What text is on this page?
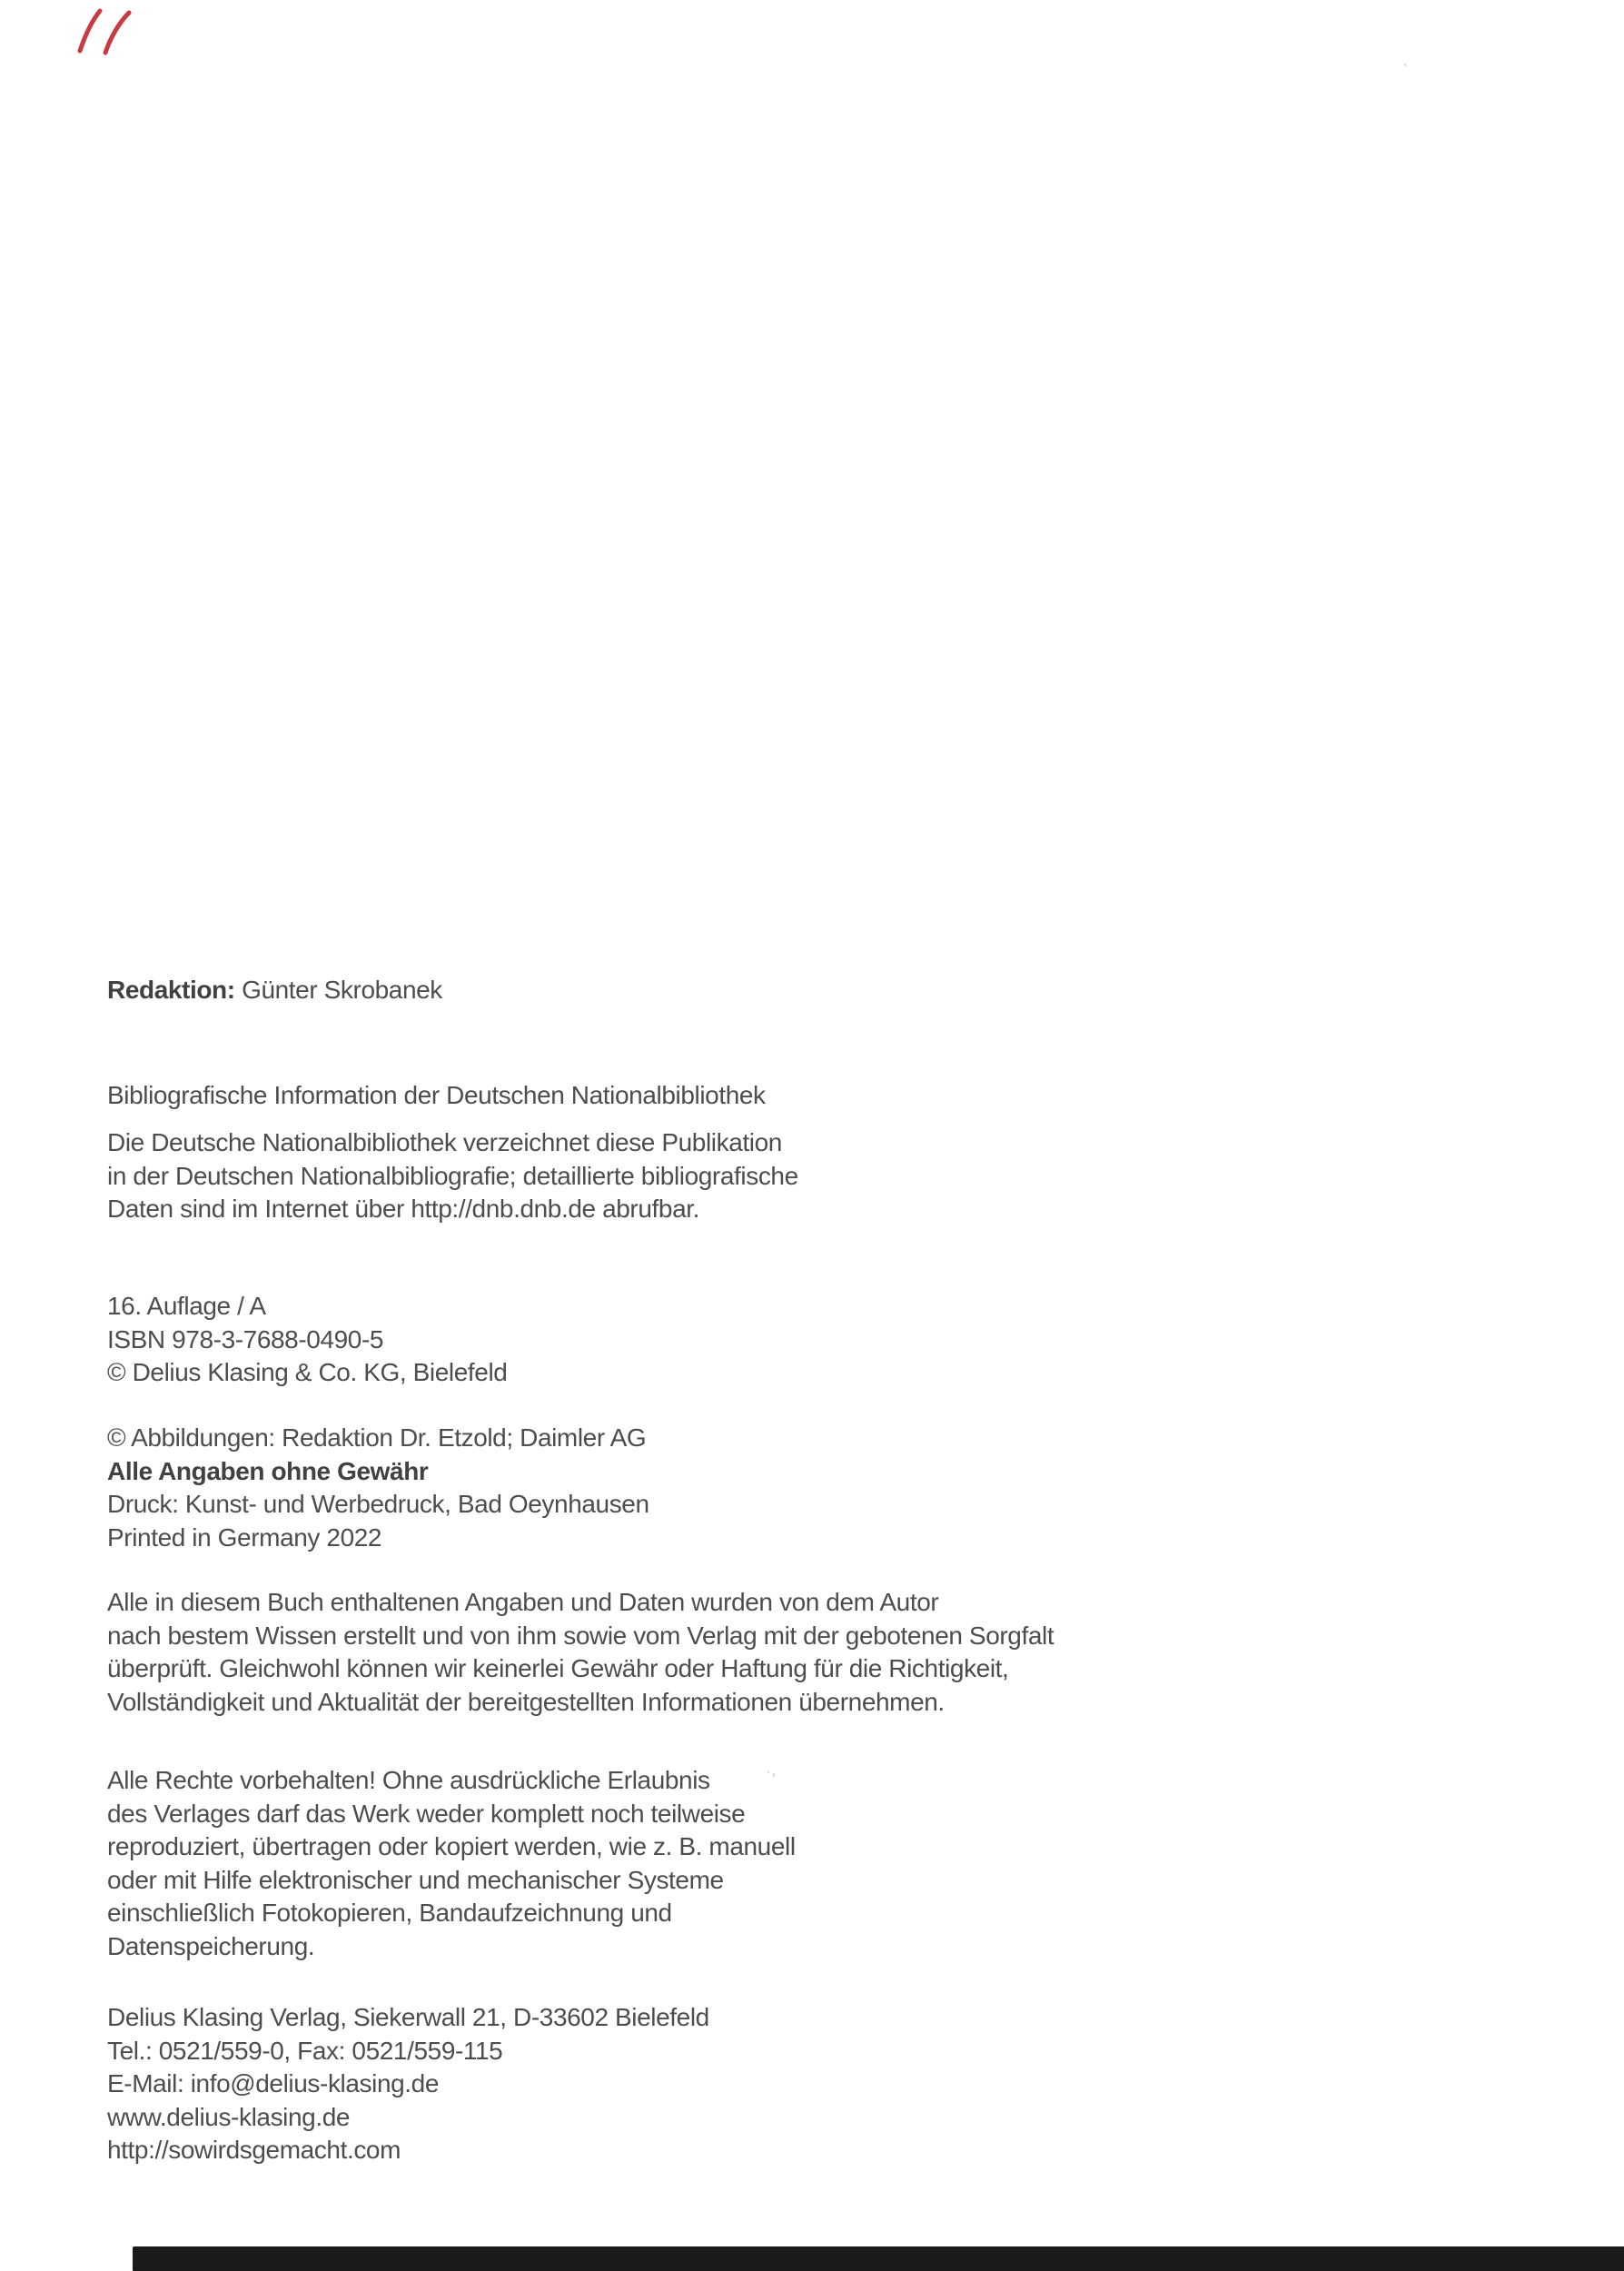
˙'
·
Redaktion: Günter Skrobanek
Bibliografische Information der Deutschen Nationalbibliothek
Die Deutsche Nationalbibliothek verzeichnet diese Publikation
in der Deutschen Nationalbibliografie; detaillierte bibliografische
Daten sind im Internet über http://dnb.dnb.de abrufbar.
16. Auflage / A
ISBN 978-3-7688-0490-5
© Delius Klasing & Co. KG, Bielefeld
© Abbildungen: Redaktion Dr. Etzold; Daimler AG
Alle Angaben ohne Gewähr
Druck: Kunst- und Werbedruck, Bad Oeynhausen
Printed in Germany 2022
Alle in diesem Buch enthaltenen Angaben und Daten wurden von dem Autor
nach bestem Wissen erstellt und von ihm sowie vom Verlag mit der gebotenen Sorgfalt
überprüft. Gleichwohl können wir keinerlei Gewähr oder Haftung für die Richtigkeit,
Vollständigkeit und Aktualität der bereitgestellten Informationen übernehmen.
Alle Rechte vorbehalten! Ohne ausdrückliche Erlaubnis
des Verlages darf das Werk weder komplett noch teilweise
reproduziert, übertragen oder kopiert werden, wie z. B. manuell
oder mit Hilfe elektronischer und mechanischer Systeme
einschließlich Fotokopieren, Bandaufzeichnung und
Datenspeicherung.
Delius Klasing Verlag, Siekerwall 21, D-33602 Bielefeld
Tel.: 0521/559-0, Fax: 0521/559-115
E-Mail: info@delius-klasing.de
www.delius-klasing.de
http://sowirdsgemacht.com
